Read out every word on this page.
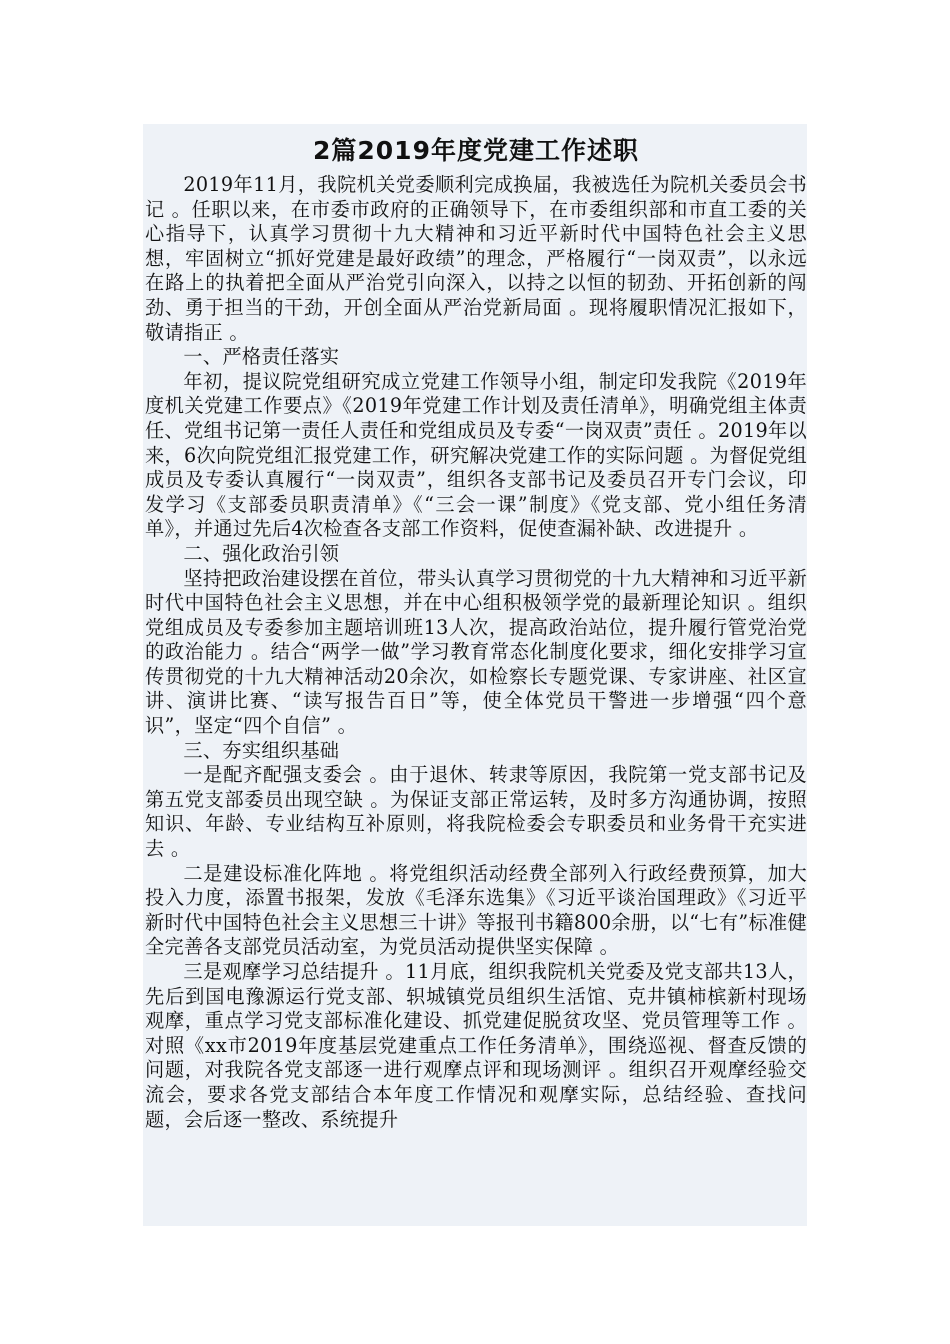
2篇2019年度党建工作述职

2019年11月，我院机关党委顺利完成换届，我被选任为院机关委员会书记 。任职以来，在市委市政府的正确领导下，在市委组织部和市直工委的关心指导下，认真学习贯彻十九大精神和习近平新时代中国特色社会主义思想，牢固树立“抓好党建是最好政绩”的理念，严格履行“一岗双责”，以永远在路上的执着把全面从严治党引向深入，以持之以恒的韧劲、开拓创新的闯劲、勇于担当的干劲，开创全面从严治党新局面 。现将履职情况汇报如下，敬请指正 。

一、严格责任落实

年初，提议院党组研究成立党建工作领导小组，制定印发我院《2019年度机关党建工作要点》《2019年党建工作计划及责任清单》，明确党组主体责任、党组书记第一责任人责任和党组成员及专委“一岗双责”责任 。2019年以来，6次向院党组汇报党建工作，研究解决党建工作的实际问题 。为督促党组成员及专委认真履行“一岗双责”，组织各支部书记及委员召开专门会议，印发学习《支部委员职责清单》《“三会一课”制度》《党支部、党小组任务清单》，并通过先后4次检查各支部工作资料，促使查漏补缺、改进提升 。

二、强化政治引领

坚持把政治建设摆在首位，带头认真学习贯彻党的十九大精神和习近平新时代中国特色社会主义思想，并在中心组积极领学党的最新理论知识 。组织党组成员及专委参加主题培训班13人次，提高政治站位，提升履行管党治党的政治能力 。结合“两学一做”学习教育常态化制度化要求，细化安排学习宣传贯彻党的十九大精神活动20余次，如检察长专题党课、专家讲座、社区宣讲、演讲比赛、“读写报告百日”等，使全体党员干警进一步增强“四个意识”，坚定“四个自信” 。

三、夯实组织基础

一是配齐配强支委会 。由于退休、转隶等原因，我院第一党支部书记及第五党支部委员出现空缺 。为保证支部正常运转，及时多方沟通协调，按照知识、年龄、专业结构互补原则，将我院检委会专职委员和业务骨干充实进去 。

二是建设标准化阵地 。将党组织活动经费全部列入行政经费预算，加大投入力度，添置书报架，发放《毛泽东选集》《习近平谈治国理政》《习近平新时代中国特色社会主义思想三十讲》等报刊书籍800余册，以“七有”标准健全完善各支部党员活动室，为党员活动提供坚实保障 。

三是观摩学习总结提升 。11月底，组织我院机关党委及党支部共13人，先后到国电豫源运行党支部、轵城镇党员组织生活馆、克井镇柿槟新村现场观摩，重点学习党支部标准化建设、抓党建促脱贫攻坚、党员管理等工作 。对照《xx市2019年度基层党建重点工作任务清单》，围绕巡视、督查反馈的问题，对我院各党支部逐一进行观摩点评和现场测评 。组织召开观摩经验交流会，要求各党支部结合本年度工作情况和观摩实际，总结经验、查找问题，会后逐一整改、系统提升
